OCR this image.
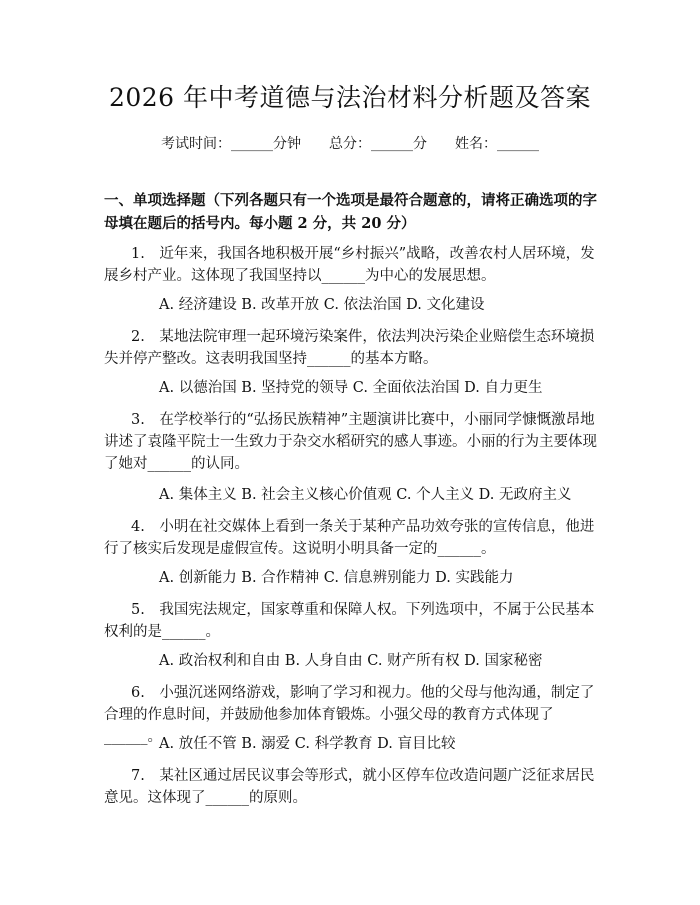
2026 年中考道德与法治材料分析题及答案
考试时间：______分钟 总分：______分 姓名：______

一、单项选择题（下列各题只有一个选项是最符合题意的，请将正确选项的字母填在题后的括号内。每小题 2 分，共 20 分）

1.　近年来，我国各地积极开展“乡村振兴”战略，改善农村人居环境，发展乡村产业。这体现了我国坚持以______为中心的发展思想。

A. 经济建设 B. 改革开放 C. 依法治国 D. 文化建设

2.　某地法院审理一起环境污染案件，依法判决污染企业赔偿生态环境损失并停产整改。这表明我国坚持______的基本方略。

A. 以德治国 B. 坚持党的领导 C. 全面依法治国 D. 自力更生

3.　在学校举行的“弘扬民族精神”主题演讲比赛中，小丽同学慷慨激昂地讲述了袁隆平院士一生致力于杂交水稻研究的感人事迹。小丽的行为主要体现了她对______的认同。

A. 集体主义 B. 社会主义核心价值观 C. 个人主义 D. 无政府主义

4.　小明在社交媒体上看到一条关于某种产品功效夸张的宣传信息，他进行了核实后发现是虚假宣传。这说明小明具备一定的______。

A. 创新能力 B. 合作精神 C. 信息辨别能力 D. 实践能力

5.　我国宪法规定，国家尊重和保障人权。下列选项中，不属于公民基本权利的是______。

A. 政治权利和自由 B. 人身自由 C. 财产所有权 D. 国家秘密

6.　小强沉迷网络游戏，影响了学习和视力。他的父母与他沟通，制定了合理的作息时间，并鼓励他参加体育锻炼。小强父母的教育方式体现了______。

A. 放任不管 B. 溺爱 C. 科学教育 D. 盲目比较

7.　某社区通过居民议事会等形式，就小区停车位改造问题广泛征求居民意见。这体现了______的原则。
